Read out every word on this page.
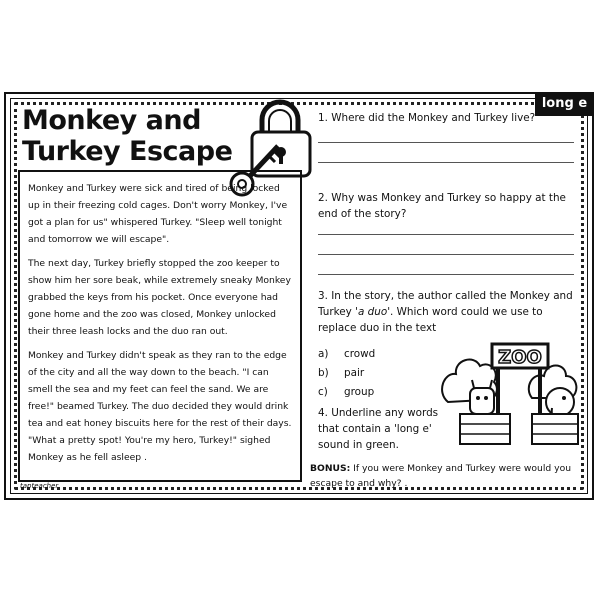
long e
Monkey and
Turkey Escape

Monkey and Turkey were sick and tired of being locked up in their freezing cold cages. Don't worry Monkey, I've got a plan for us" whispered Turkey. "Sleep well tonight and tomorrow we will escape".

The next day, Turkey briefly stopped the zoo keeper to show him her sore beak, while extremely sneaky Monkey grabbed the keys from his pocket. Once everyone had gone home and the zoo was closed, Monkey unlocked their three leash locks and the duo ran out.

Monkey and Turkey didn't speak as they ran to the edge of the city and all the way down to the beach. "I can smell the sea and my feet can feel the sand. We are free!" beamed Turkey. The duo decided they would drink tea and eat honey biscuits here for the rest of their days. "What a pretty spot! You're my hero, Turkey!" sighed Monkey as he fell asleep .

tapteacher
1. Where did the Monkey and Turkey live?
2. Why was Monkey and Turkey so happy at the end of the story?
3. In the story, the author called the Monkey and Turkey 'a duo'. Which word could we use to replace duo in the text
a)	crowd
b)	pair
c)	group
4. Underline any words that contain a 'long e' sound in green.
BONUS: If you were Monkey and Turkey were would you escape to and why? .
ZOO
